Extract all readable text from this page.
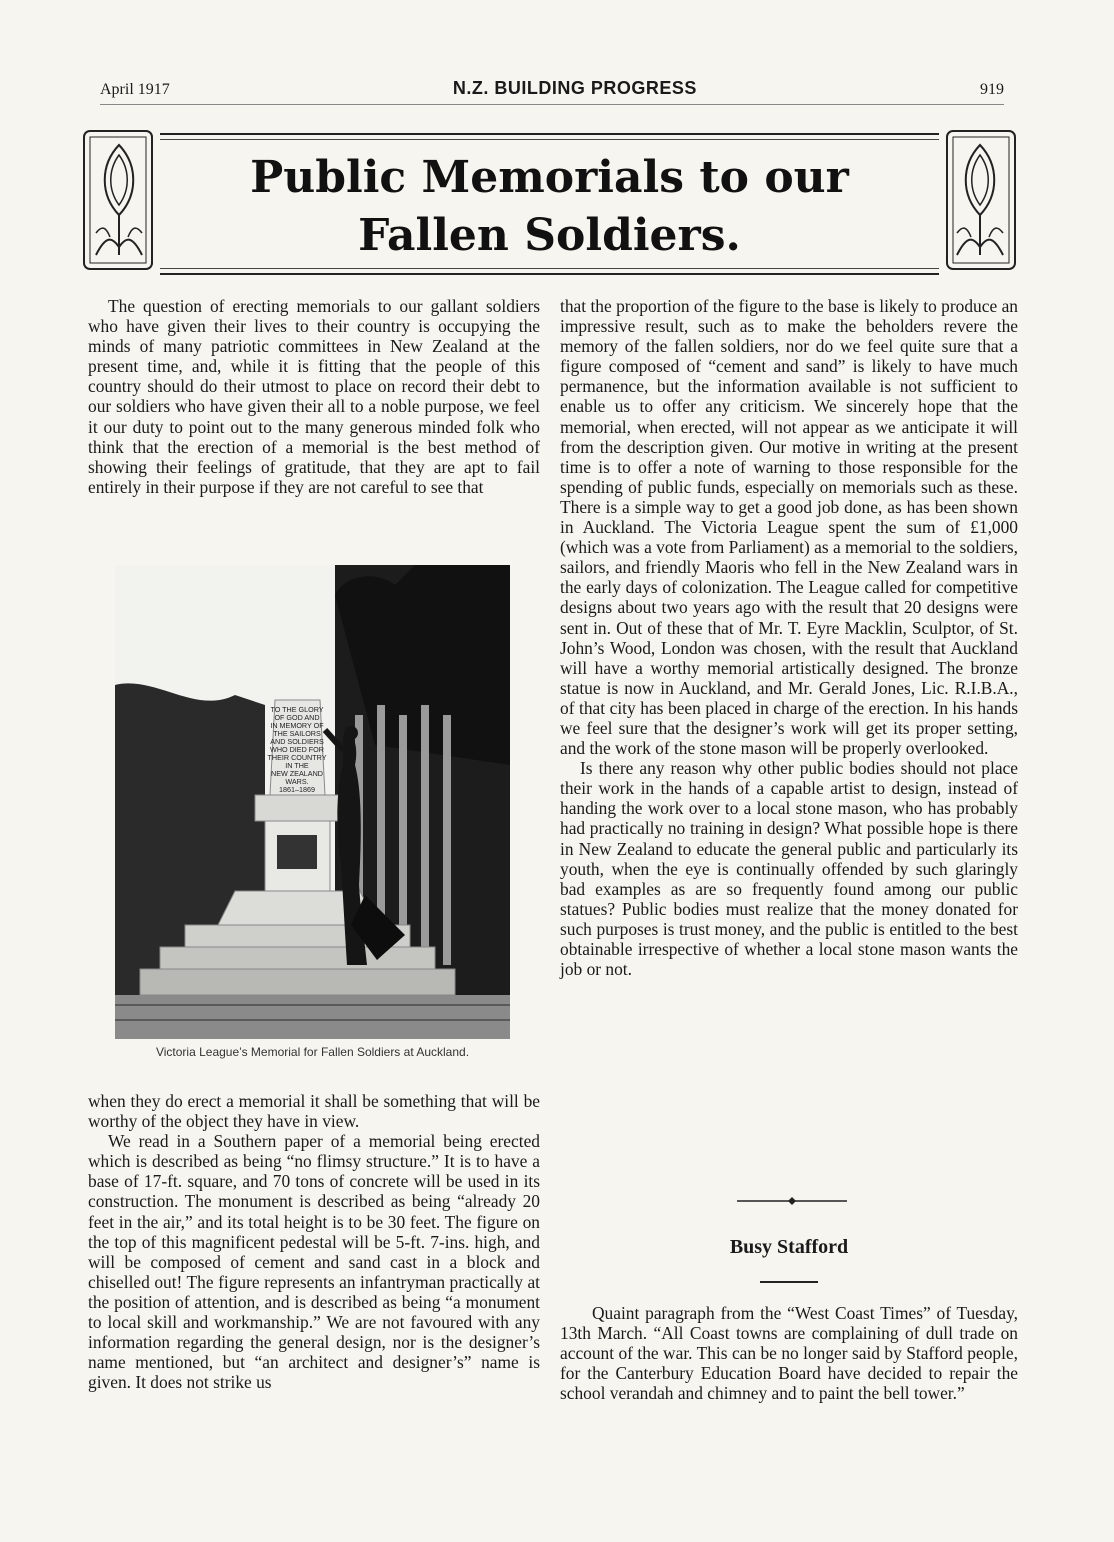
April 1917	N.Z. BUILDING PROGRESS	919
Public Memorials to our
Fallen Soldiers.

The question of erecting memorials to our gallant soldiers who have given their lives to their country is occupying the minds of many patriotic committees in New Zealand at the present time, and, while it is fitting that the people of this country should do their utmost to place on record their debt to our soldiers who have given their all to a noble purpose, we feel it our duty to point out to the many generous minded folk who think that the erection of a memorial is the best method of showing their feelings of gratitude, that they are apt to fail entirely in their purpose if they are not careful to see that

when they do erect a memorial it shall be something that will be worthy of the object they have in view.

We read in a Southern paper of a memorial being erected which is described as being “no flimsy structure.” It is to have a base of 17-ft. square, and 70 tons of concrete will be used in its construction. The monument is described as being “already 20 feet in the air,” and its total height is to be 30 feet. The figure on the top of this magnificent pedestal will be 5-ft. 7-ins. high, and will be composed of cement and sand cast in a block and chiselled out! The figure represents an infantryman practically at the position of attention, and is described as being “a monument to local skill and workmanship.” We are not favoured with any information regarding the general design, nor is the designer’s name mentioned, but “an architect and designer’s” name is given. It does not strike us

TO THE GLORY
OF GOD AND
IN MEMORY OF
THE SAILORS
AND SOLDIERS
WHO DIED FOR
THEIR COUNTRY
IN THE
NEW ZEALAND
WARS.
1861–1869
Victoria League’s Memorial for Fallen Soldiers at Auckland.

that the proportion of the figure to the base is likely to produce an impressive result, such as to make the beholders revere the memory of the fallen soldiers, nor do we feel quite sure that a figure composed of “cement and sand” is likely to have much permanence, but the information available is not sufficient to enable us to offer any criticism. We sincerely hope that the memorial, when erected, will not appear as we anticipate it will from the description given. Our motive in writing at the present time is to offer a note of warning to those responsible for the spending of public funds, especially on memorials such as these. There is a simple way to get a good job done, as has been shown in Auckland. The Victoria League spent the sum of £1,000 (which was a vote from Parliament) as a memorial to the soldiers, sailors, and friendly Maoris who fell in the New Zealand wars in the early days of colonization. The League called for competitive designs about two years ago with the result that 20 designs were sent in. Out of these that of Mr. T. Eyre Macklin, Sculptor, of St. John’s Wood, London was chosen, with the result that Auckland will have a worthy memorial artistically designed. The bronze statue is now in Auckland, and Mr. Gerald Jones, Lic. R.I.B.A., of that city has been placed in charge of the erection. In his hands we feel sure that the designer’s work will get its proper setting, and the work of the stone mason will be properly overlooked.

Is there any reason why other public bodies should not place their work in the hands of a capable artist to design, instead of handing the work over to a local stone mason, who has probably had practically no training in design? What possible hope is there in New Zealand to educate the general public and particularly its youth, when the eye is continually offended by such glaringly bad examples as are so frequently found among our public statues? Public bodies must realize that the money donated for such purposes is trust money, and the public is entitled to the best obtainable irrespective of whether a local stone mason wants the job or not.

Busy Stafford

Quaint paragraph from the “West Coast Times” of Tuesday, 13th March. “All Coast towns are complaining of dull trade on account of the war. This can be no longer said by Stafford people, for the Canterbury Education Board have decided to repair the school verandah and chimney and to paint the bell tower.”
